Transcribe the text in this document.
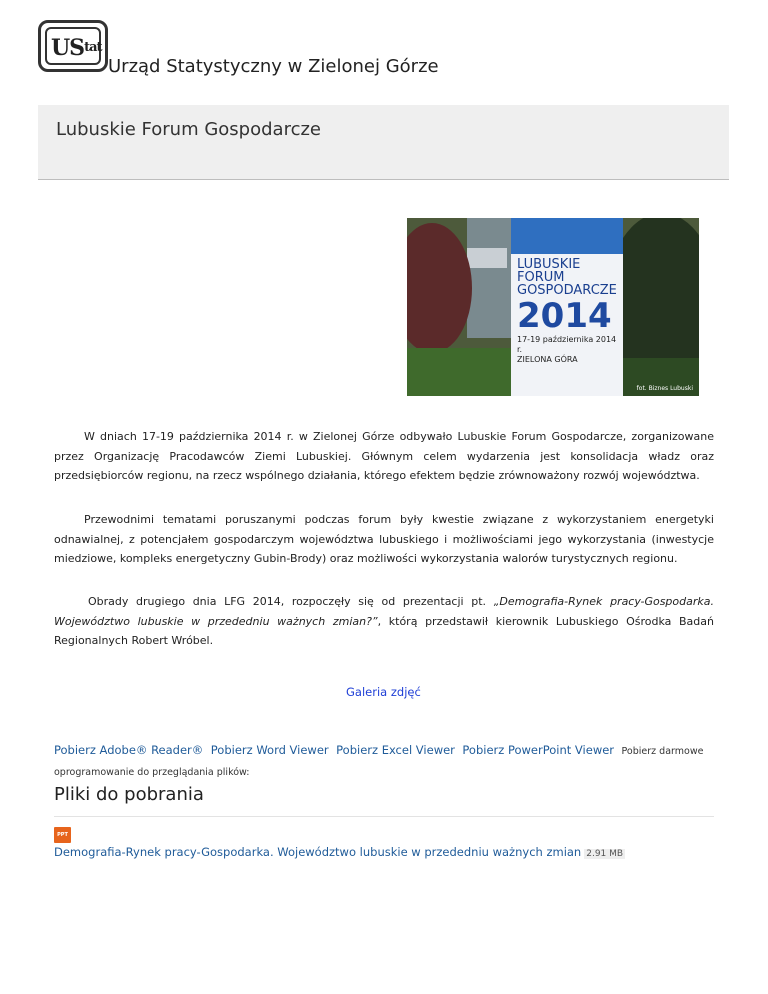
UStat
Urząd Statystyczny w Zielonej Górze
Lubuskie Forum Gospodarcze
LUBUSKIE
FORUM
GOSPODARCZE
2014
17-19 października 2014 r.
ZIELONA GÓRA
fot. Biznes Lubuski

W dniach 17-19 października 2014 r. w Zielonej Górze odbywało Lubuskie Forum Gospodarcze, zorganizowane przez Organizację Pracodawców Ziemi Lubuskiej. Głównym celem wydarzenia jest konsolidacja władz oraz przedsiębiorców regionu, na rzecz wspólnego działania, którego efektem będzie zrównoważony rozwój województwa.

Przewodnimi tematami poruszanymi podczas forum były kwestie związane z wykorzystaniem energetyki odnawialnej, z potencjałem gospodarczym województwa lubuskiego i możliwościami jego wykorzystania (inwestycje miedziowe, kompleks energetyczny Gubin-Brody) oraz możliwości wykorzystania walorów turystycznych regionu.

Obrady drugiego dnia LFG 2014, rozpoczęły się od prezentacji pt. „Demografia-Rynek pracy-Gospodarka. Województwo lubuskie w przededniu ważnych zmian?”, którą przedstawił kierownik Lubuskiego Ośrodka Badań Regionalnych Robert Wróbel.

Galeria zdjęć
Pobierz Adobe® Reader® Pobierz Word Viewer Pobierz Excel Viewer Pobierz PowerPoint Viewer Pobierz darmowe oprogramowanie do przeglądania plików:
Pliki do pobrania
PPT
Demografia-Rynek pracy-Gospodarka. Województwo lubuskie w przededniu ważnych zmian 2.91 MB
